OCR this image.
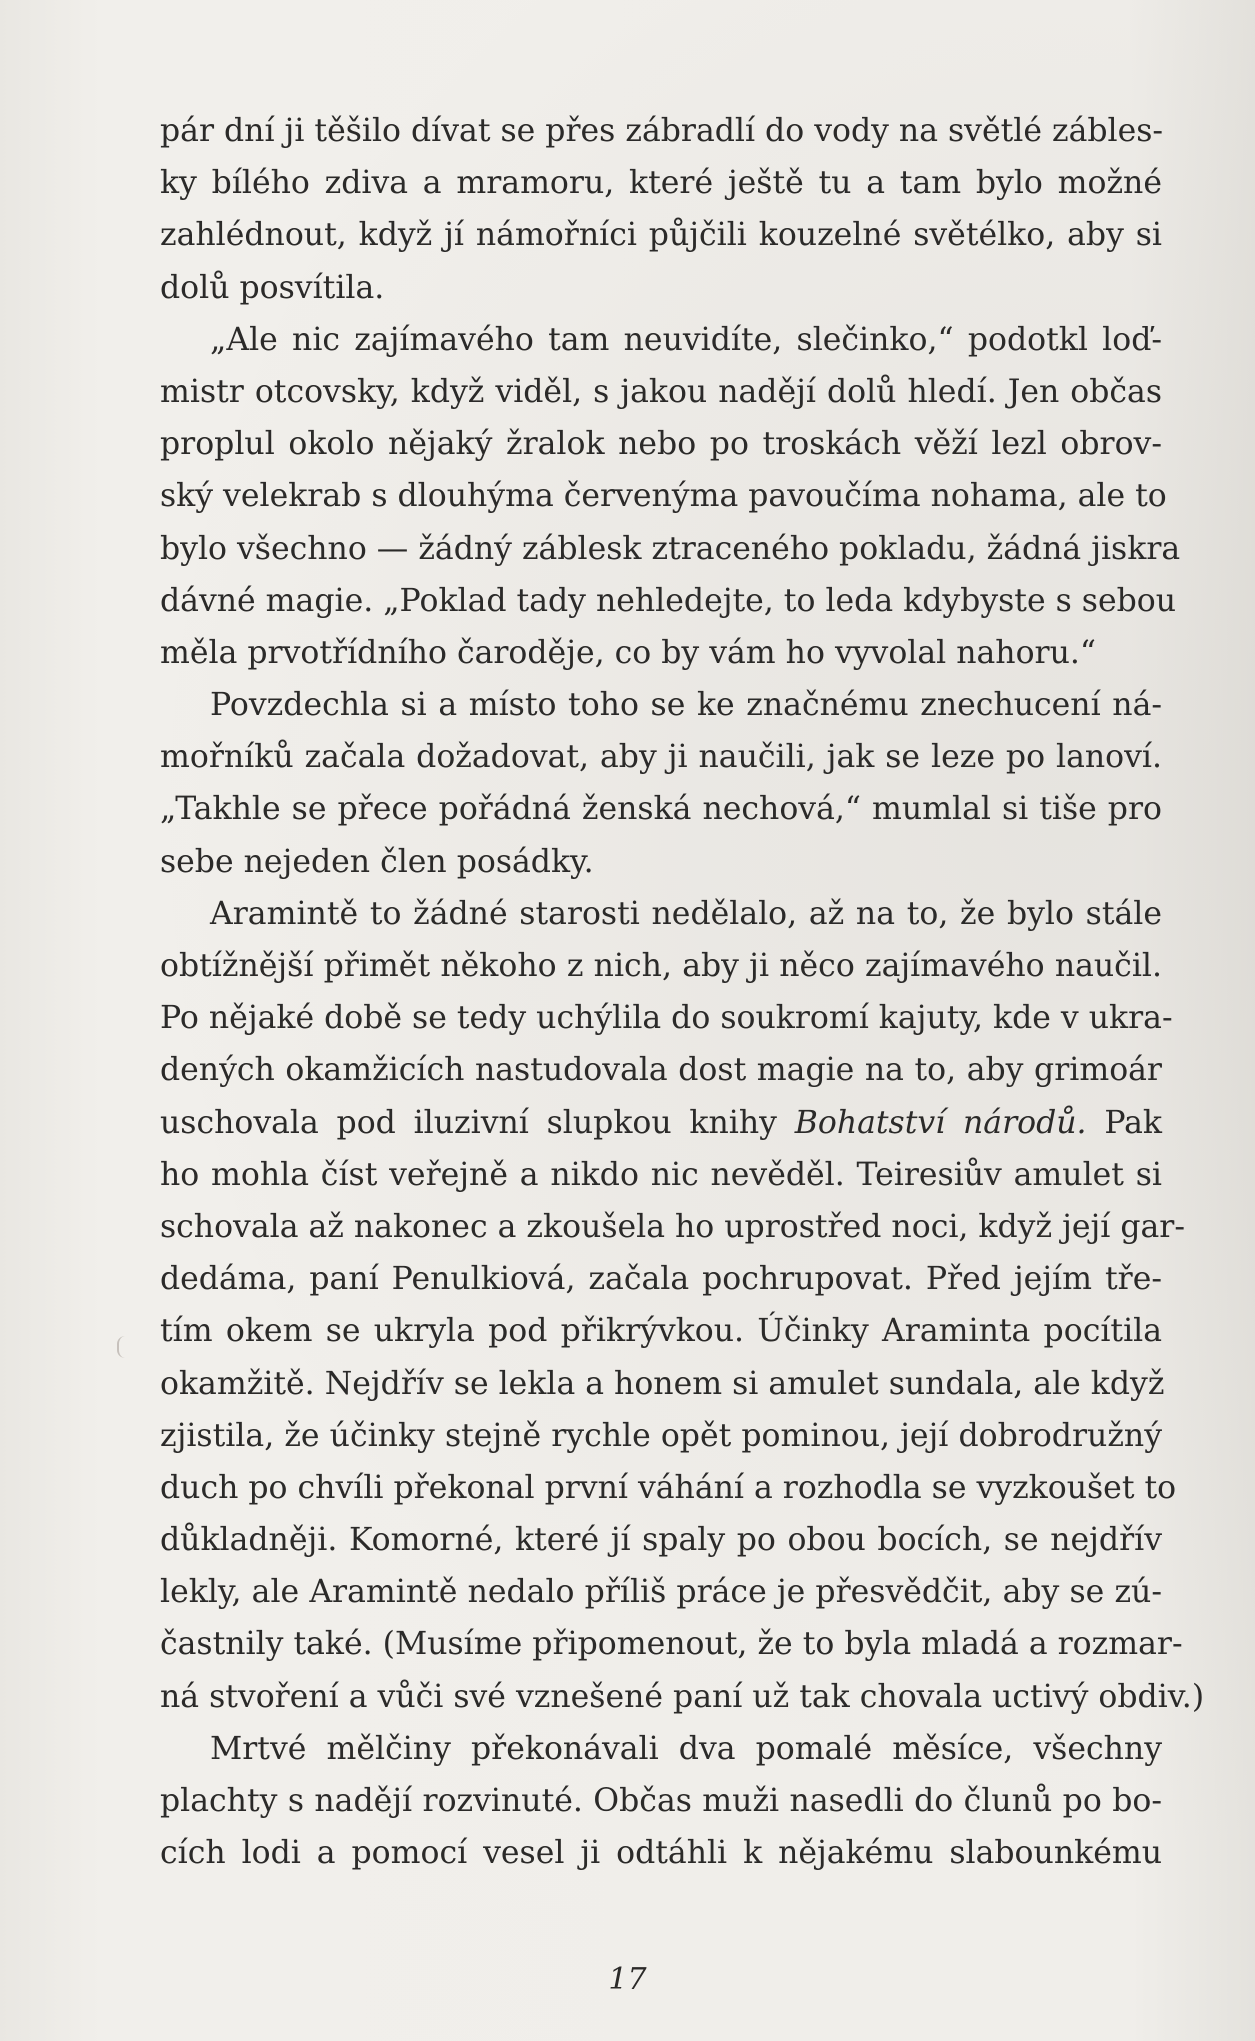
pár dní ji těšilo dívat se přes zábradlí do vody na světlé zábles-
ky bílého zdiva a mramoru, které ještě tu a tam bylo možné
zahlédnout, když jí námořníci půjčili kouzelné světélko, aby si
dolů posvítila.
„Ale nic zajímavého tam neuvidíte, slečinko,“ podotkl loď-
mistr otcovsky, když viděl, s jakou nadějí dolů hledí. Jen občas
proplul okolo nějaký žralok nebo po troskách věží lezl obrov-
ský velekrab s dlouhýma červenýma pavoučíma nohama, ale to
bylo všechno — žádný záblesk ztraceného pokladu, žádná jiskra
dávné magie. „Poklad tady nehledejte, to leda kdybyste s sebou
měla prvotřídního čaroděje, co by vám ho vyvolal nahoru.“
Povzdechla si a místo toho se ke značnému znechucení ná-
mořníků začala dožadovat, aby ji naučili, jak se leze po lanoví.
„Takhle se přece pořádná ženská nechová,“ mumlal si tiše pro
sebe nejeden člen posádky.
Aramintě to žádné starosti nedělalo, až na to, že bylo stále
obtížnější přimět někoho z nich, aby ji něco zajímavého naučil.
Po nějaké době se tedy uchýlila do soukromí kajuty, kde v ukra-
dených okamžicích nastudovala dost magie na to, aby grimoár
uschovala pod iluzivní slupkou knihy Bohatství národů. Pak
ho mohla číst veřejně a nikdo nic nevěděl. Teiresiův amulet si
schovala až nakonec a zkoušela ho uprostřed noci, když její gar-
dedáma, paní Penulkiová, začala pochrupovat. Před jejím tře-
tím okem se ukryla pod přikrývkou. Účinky Araminta pocítila
okamžitě. Nejdřív se lekla a honem si amulet sundala, ale když
zjistila, že účinky stejně rychle opět pominou, její dobrodružný
duch po chvíli překonal první váhání a rozhodla se vyzkoušet to
důkladněji. Komorné, které jí spaly po obou bocích, se nejdřív
lekly, ale Aramintě nedalo příliš práce je přesvědčit, aby se zú-
častnily také. (Musíme připomenout, že to byla mladá a rozmar-
ná stvoření a vůči své vznešené paní už tak chovala uctivý obdiv.)
Mrtvé mělčiny překonávali dva pomalé měsíce, všechny
plachty s nadějí rozvinuté. Občas muži nasedli do člunů po bo-
cích lodi a pomocí vesel ji odtáhli k nějakému slabounkému
17
